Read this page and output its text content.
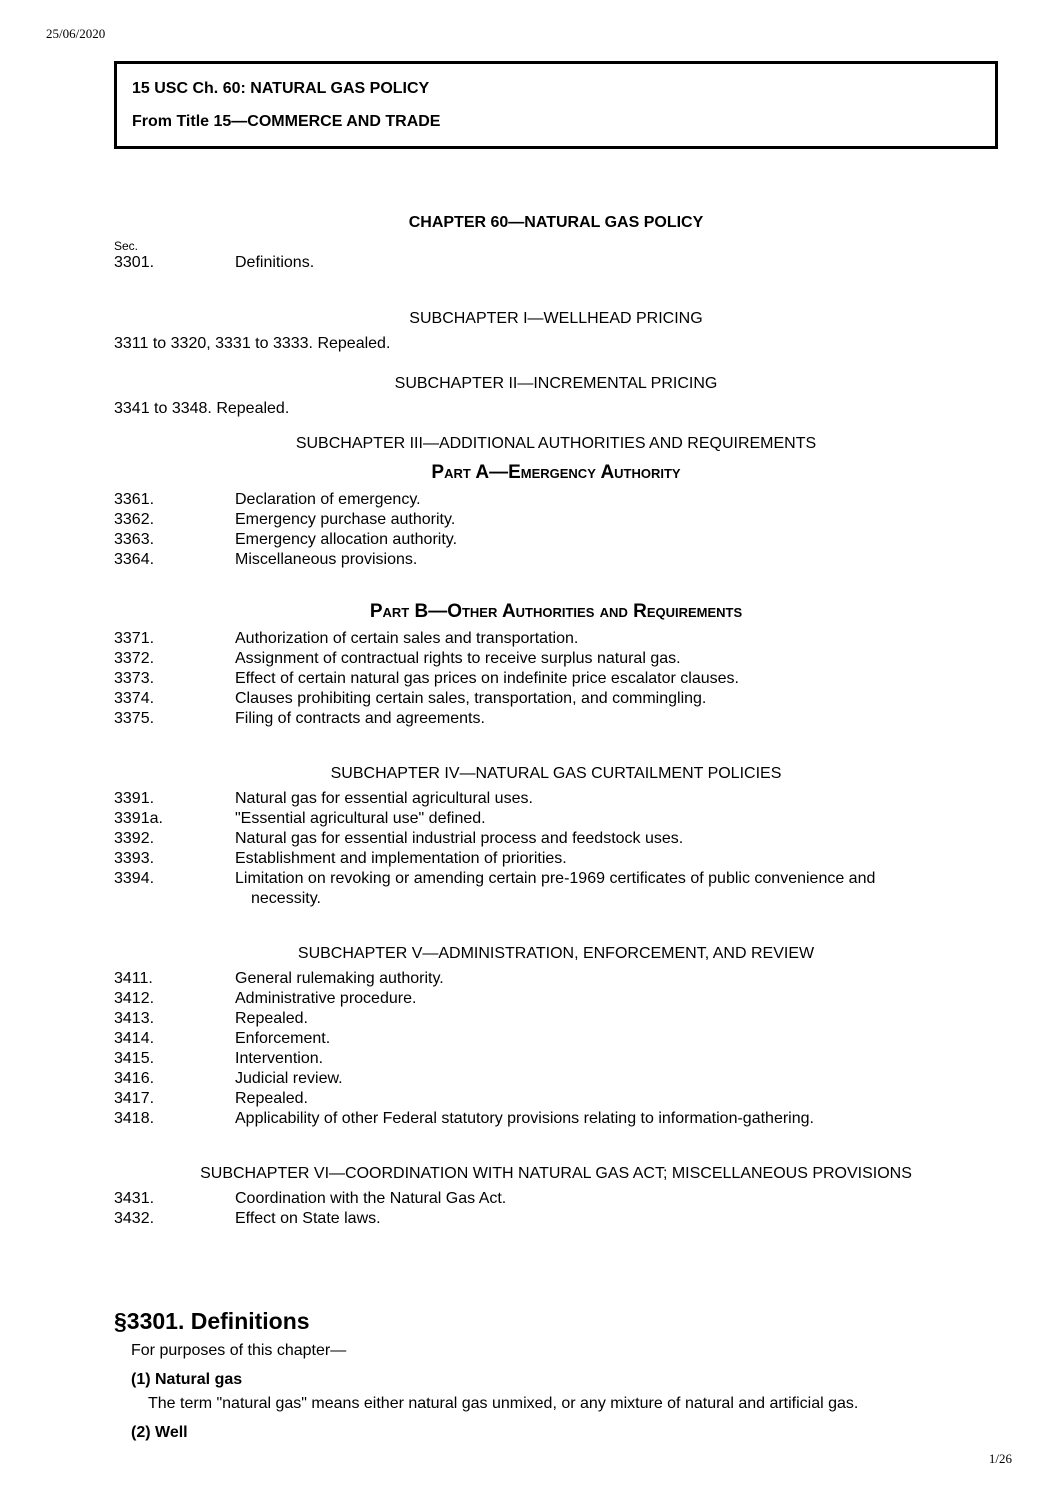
25/06/2020
15 USC Ch. 60: NATURAL GAS POLICY
From Title 15—COMMERCE AND TRADE
CHAPTER 60—NATURAL GAS POLICY
Sec.
3301.	Definitions.
SUBCHAPTER I—WELLHEAD PRICING
3311 to 3320, 3331 to 3333. Repealed.
SUBCHAPTER II—INCREMENTAL PRICING
3341 to 3348. Repealed.
SUBCHAPTER III—ADDITIONAL AUTHORITIES AND REQUIREMENTS
Part A—Emergency Authority
3361.	Declaration of emergency.
3362.	Emergency purchase authority.
3363.	Emergency allocation authority.
3364.	Miscellaneous provisions.
Part B—Other Authorities and Requirements
3371.	Authorization of certain sales and transportation.
3372.	Assignment of contractual rights to receive surplus natural gas.
3373.	Effect of certain natural gas prices on indefinite price escalator clauses.
3374.	Clauses prohibiting certain sales, transportation, and commingling.
3375.	Filing of contracts and agreements.
SUBCHAPTER IV—NATURAL GAS CURTAILMENT POLICIES
3391.	Natural gas for essential agricultural uses.
3391a.	"Essential agricultural use" defined.
3392.	Natural gas for essential industrial process and feedstock uses.
3393.	Establishment and implementation of priorities.
3394.	Limitation on revoking or amending certain pre-1969 certificates of public convenience and
necessity.
SUBCHAPTER V—ADMINISTRATION, ENFORCEMENT, AND REVIEW
3411.	General rulemaking authority.
3412.	Administrative procedure.
3413.	Repealed.
3414.	Enforcement.
3415.	Intervention.
3416.	Judicial review.
3417.	Repealed.
3418.	Applicability of other Federal statutory provisions relating to information-gathering.
SUBCHAPTER VI—COORDINATION WITH NATURAL GAS ACT; MISCELLANEOUS PROVISIONS
3431.	Coordination with the Natural Gas Act.
3432.	Effect on State laws.
§3301. Definitions
For purposes of this chapter—
(1) Natural gas
The term "natural gas" means either natural gas unmixed, or any mixture of natural and artificial gas.
(2) Well
1/26
